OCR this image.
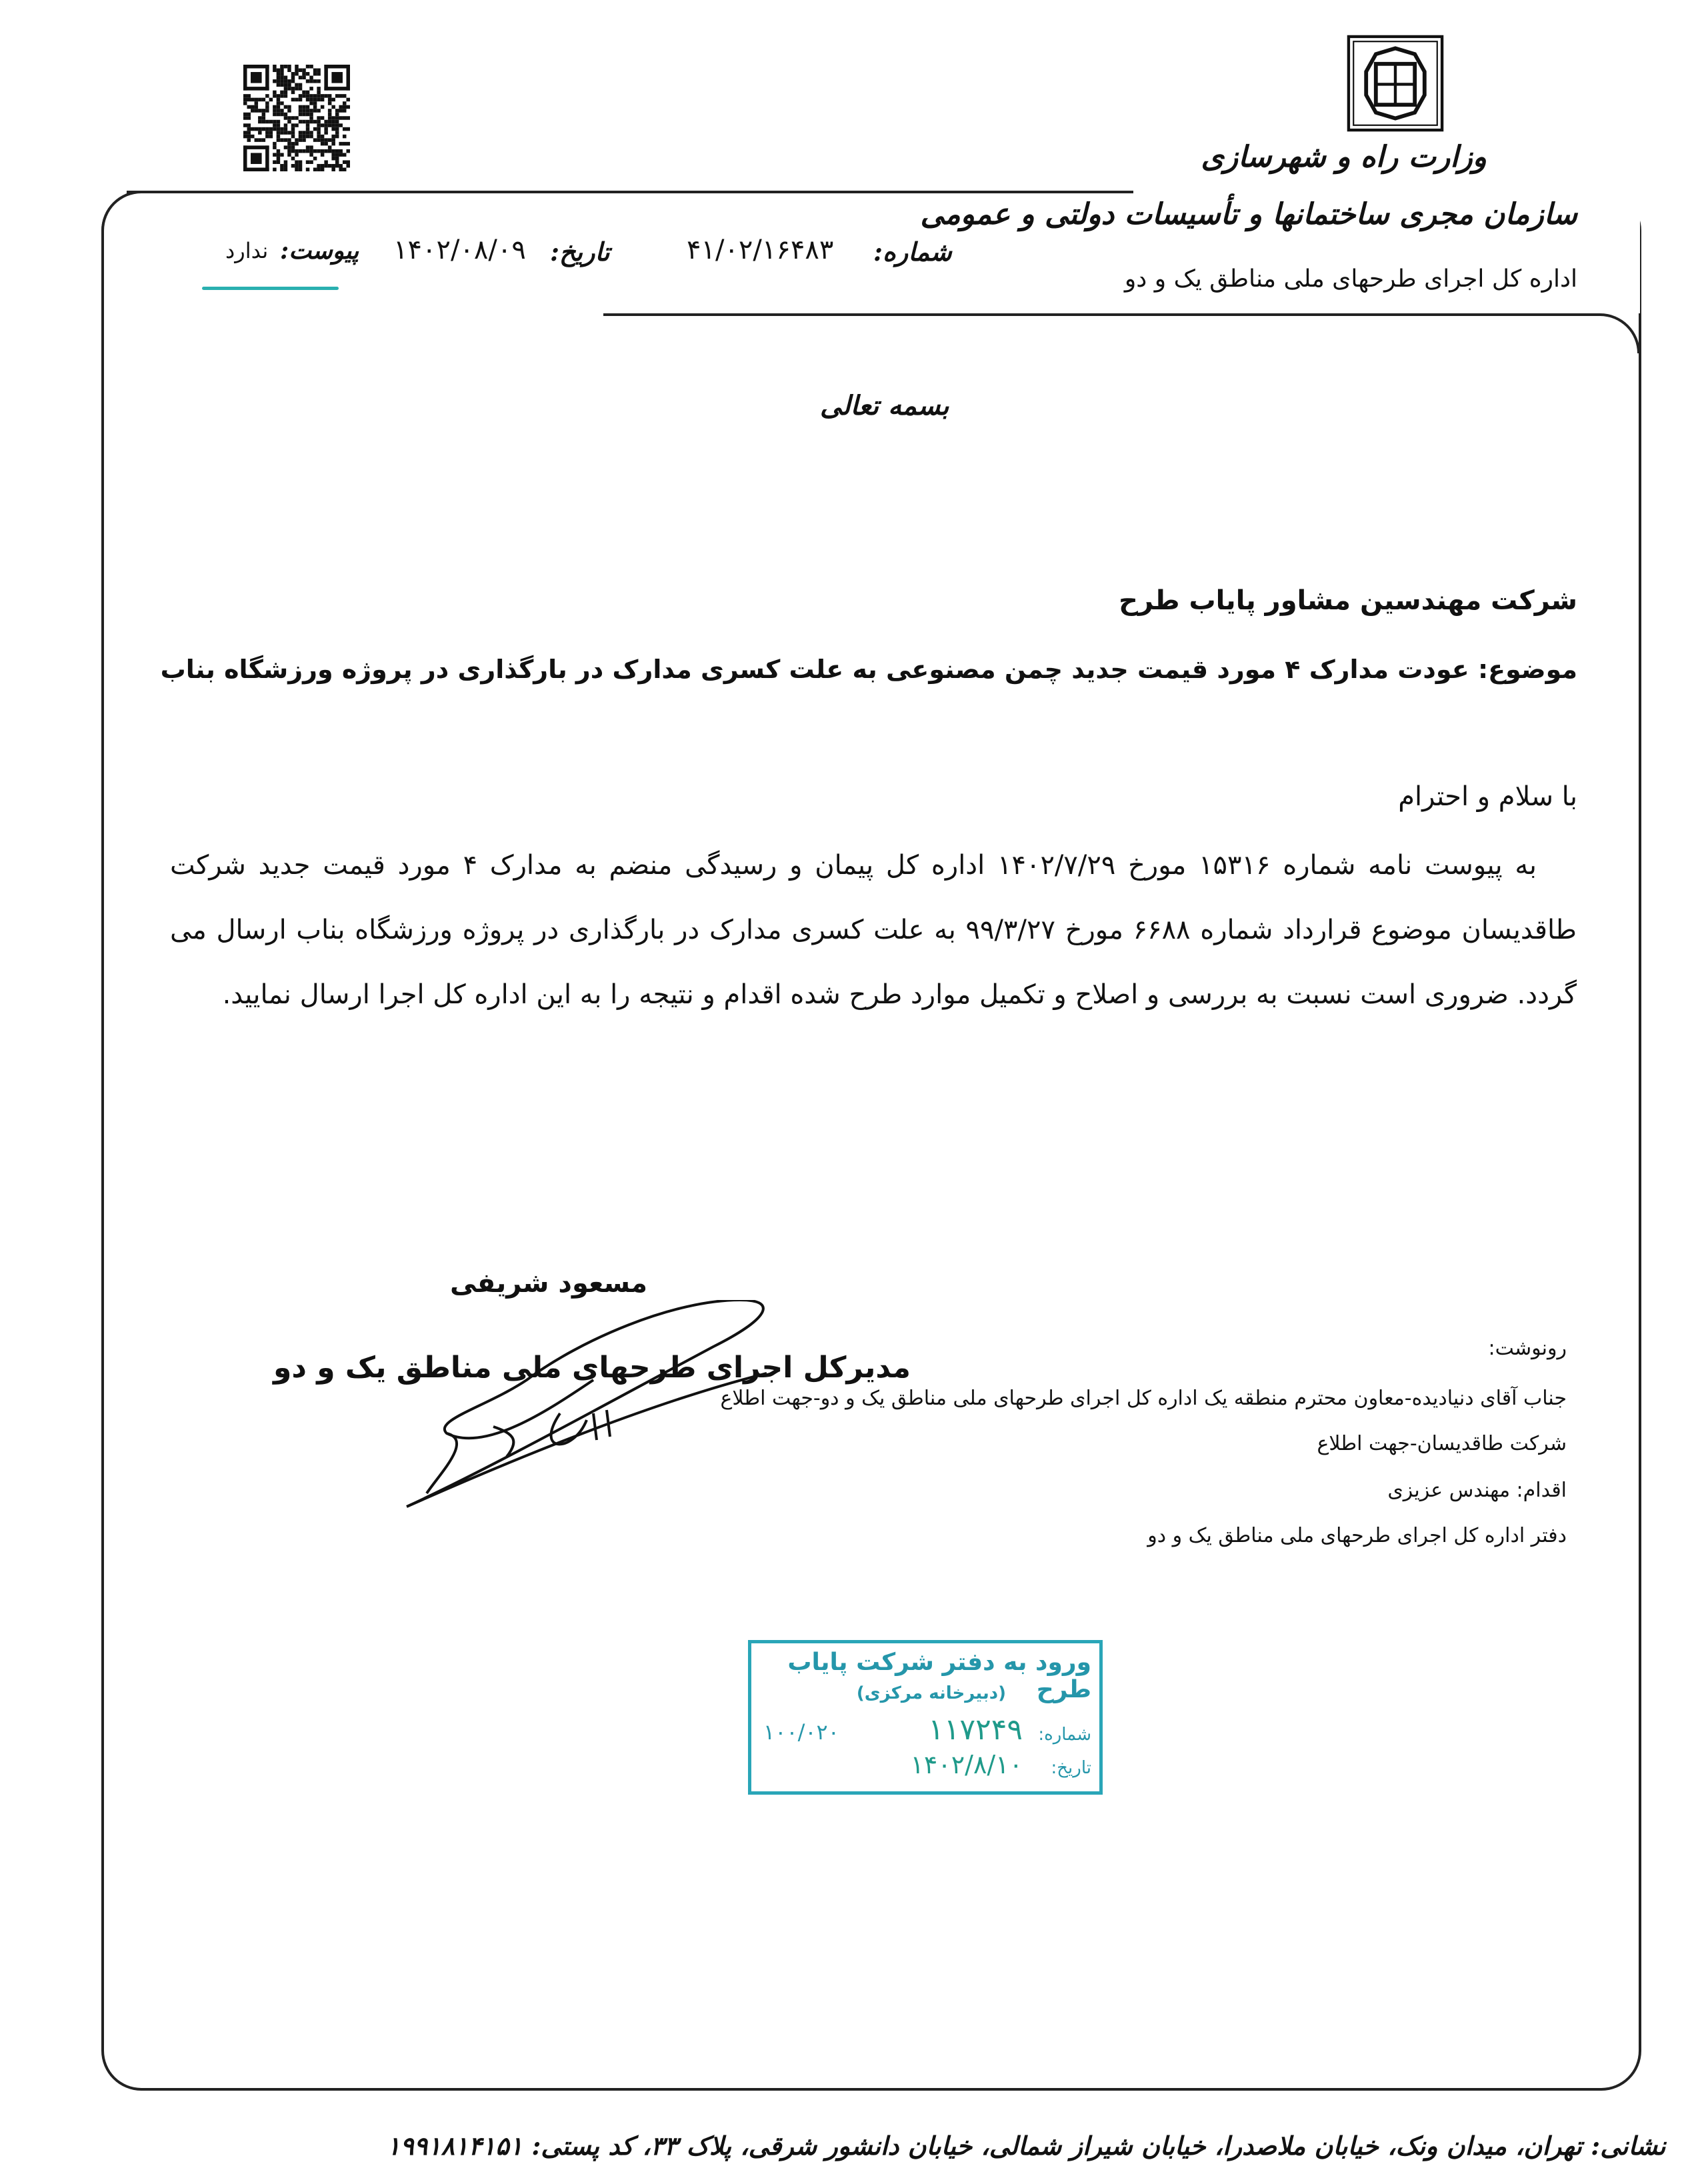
وزارت راه و شهرسازی
سازمان مجری ساختمانها و تأسیسات دولتی و عمومی
اداره کل اجرای طرحهای ملی مناطق یک و دو
شماره:
۴۱/۰۲/۱۶۴۸۳
تاریخ:
۱۴۰۲/۰۸/۰۹
پیوست:
ندارد
بسمه تعالی
شرکت مهندسین مشاور پایاب طرح
موضوع: عودت مدارک ۴ مورد قیمت جدید چمن مصنوعی به علت کسری مدارک در بارگذاری در پروژه ورزشگاه بناب
با سلام و احترام
به پیوست نامه شماره ۱۵۳۱۶ مورخ ۱۴۰۲/۷/۲۹ اداره کل پیمان و رسیدگی منضم به مدارک ۴ مورد قیمت جدید شرکت طاقدیسان موضوع قرارداد شماره ۶۶۸۸ مورخ ۹۹/۳/۲۷ به علت کسری مدارک در بارگذاری در پروژه ورزشگاه بناب ارسال می گردد. ضروری است نسبت به بررسی و اصلاح و تکمیل موارد طرح شده اقدام و نتیجه را به این اداره کل اجرا ارسال نمایید.
مسعود شریفی
مدیرکل اجرای طرحهای ملی مناطق یک و دو
رونوشت:
جناب آقای دنیادیده-معاون محترم منطقه یک اداره کل اجرای طرحهای ملی مناطق یک و دو-جهت اطلاع
شرکت طاقدیسان-جهت اطلاع
اقدام: مهندس عزیزی
دفتر اداره کل اجرای طرحهای ملی مناطق یک و دو
ورود به دفتر شرکت پایاب طرح
(دبیرخانه مرکزی)
شماره:
۱۱۷۲۴۹
۱۰۰/۰۲۰
تاریخ:
۱۴۰۲/۸/۱۰
نشانی: تهران، میدان ونک، خیابان ملاصدرا، خیابان شیراز شمالی، خیابان دانشور شرقی، پلاک ۳۳، کد پستی: ۱۹۹۱۸۱۴۱۵۱
